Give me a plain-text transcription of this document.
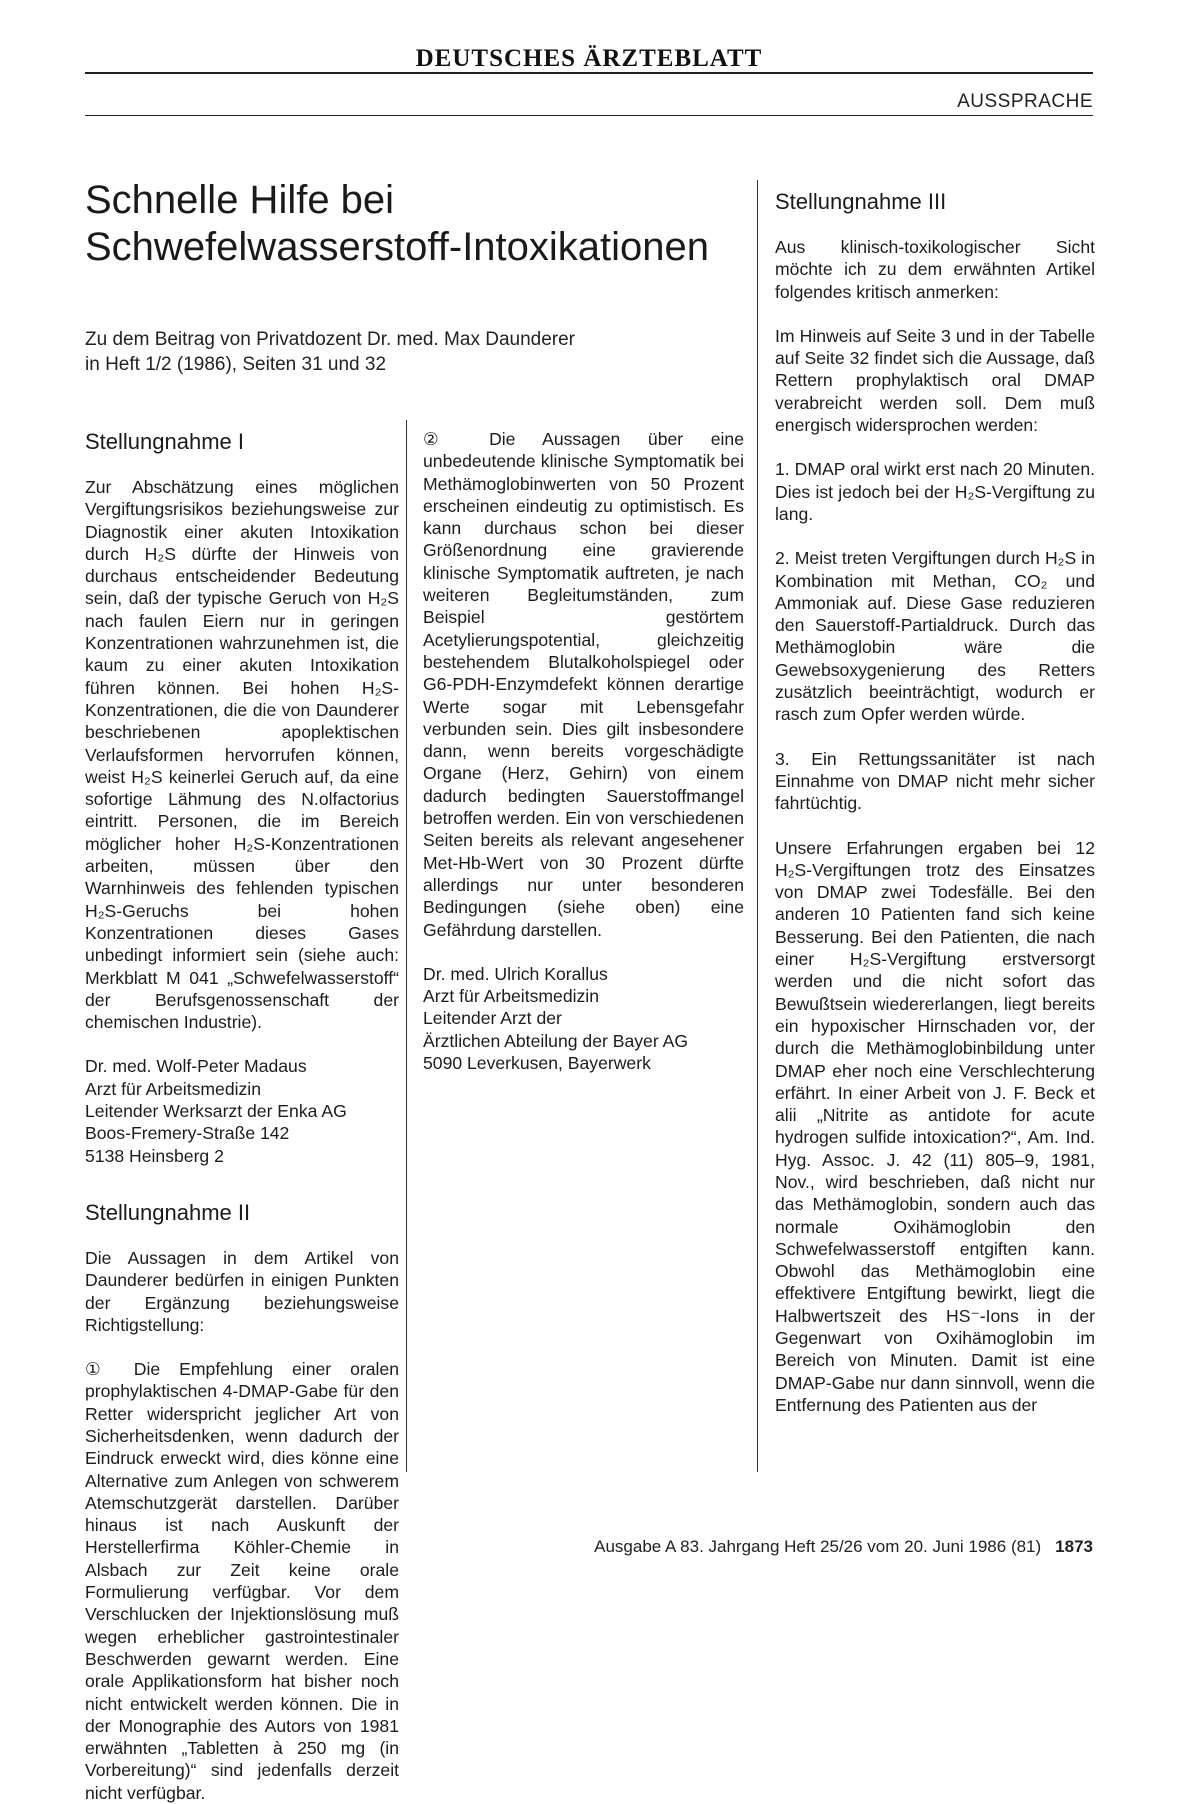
DEUTSCHES ÄRZTEBLATT
AUSSPRACHE
Schnelle Hilfe bei
Schwefelwasserstoff-Intoxikationen
Zu dem Beitrag von Privatdozent Dr. med. Max Daunderer
in Heft 1/2 (1986), Seiten 31 und 32
Stellungnahme I

Zur Abschätzung eines möglichen Vergiftungsrisikos beziehungsweise zur Diagnostik einer akuten Intoxikation durch H₂S dürfte der Hinweis von durchaus entscheidender Bedeutung sein, daß der typische Geruch von H₂S nach faulen Eiern nur in geringen Konzentrationen wahrzunehmen ist, die kaum zu einer akuten Intoxikation führen können. Bei hohen H₂S-Konzentrationen, die die von Daunderer beschriebenen apoplektischen Verlaufsformen hervorrufen können, weist H₂S keinerlei Geruch auf, da eine sofortige Lähmung des N.olfactorius eintritt. Personen, die im Bereich möglicher hoher H₂S-Konzentrationen arbeiten, müssen über den Warnhinweis des fehlenden typischen H₂S-Geruchs bei hohen Konzentrationen dieses Gases unbedingt informiert sein (siehe auch: Merkblatt M 041 „Schwefelwasserstoff“ der Berufsgenossenschaft der chemischen Industrie).

Dr. med. Wolf-Peter Madaus
Arzt für Arbeitsmedizin
Leitender Werksarzt der Enka AG
Boos-Fremery-Straße 142
5138 Heinsberg 2
Stellungnahme II

Die Aussagen in dem Artikel von Daunderer bedürfen in einigen Punkten der Ergänzung beziehungsweise Richtigstellung:

① Die Empfehlung einer oralen prophylaktischen 4-DMAP-Gabe für den Retter widerspricht jeglicher Art von Sicherheitsdenken, wenn dadurch der Eindruck erweckt wird, dies könne eine Alternative zum Anlegen von schwerem Atemschutzgerät darstellen. Darüber hinaus ist nach Auskunft der Herstellerfirma Köhler-Chemie in Alsbach zur Zeit keine orale Formulierung verfügbar. Vor dem Verschlucken der Injektionslösung muß wegen erheblicher gastrointestinaler Beschwerden gewarnt werden. Eine orale Applikationsform hat bisher noch nicht entwickelt werden können. Die in der Monographie des Autors von 1981 erwähnten „Tabletten à 250 mg (in Vorbereitung)“ sind jedenfalls derzeit nicht verfügbar.

② Die Aussagen über eine unbedeutende klinische Symptomatik bei Methämoglobinwerten von 50 Prozent erscheinen eindeutig zu optimistisch. Es kann durchaus schon bei dieser Größenordnung eine gravierende klinische Symptomatik auftreten, je nach weiteren Begleitumständen, zum Beispiel gestörtem Acetylierungspotential, gleichzeitig bestehendem Blutalkoholspiegel oder G6-PDH-Enzymdefekt können derartige Werte sogar mit Lebensgefahr verbunden sein. Dies gilt insbesondere dann, wenn bereits vorgeschädigte Organe (Herz, Gehirn) von einem dadurch bedingten Sauerstoffmangel betroffen werden. Ein von verschiedenen Seiten bereits als relevant angesehener Met-Hb-Wert von 30 Prozent dürfte allerdings nur unter besonderen Bedingungen (siehe oben) eine Gefährdung darstellen.

Dr. med. Ulrich Korallus
Arzt für Arbeitsmedizin
Leitender Arzt der
Ärztlichen Abteilung der Bayer AG
5090 Leverkusen, Bayerwerk
Stellungnahme III

Aus klinisch-toxikologischer Sicht möchte ich zu dem erwähnten Artikel folgendes kritisch anmerken:

Im Hinweis auf Seite 3 und in der Tabelle auf Seite 32 findet sich die Aussage, daß Rettern prophylaktisch oral DMAP verabreicht werden soll. Dem muß energisch widersprochen werden:

1. DMAP oral wirkt erst nach 20 Minuten. Dies ist jedoch bei der H₂S-Vergiftung zu lang.

2. Meist treten Vergiftungen durch H₂S in Kombination mit Methan, CO₂ und Ammoniak auf. Diese Gase reduzieren den Sauerstoff-Partialdruck. Durch das Methämoglobin wäre die Gewebsoxygenierung des Retters zusätzlich beeinträchtigt, wodurch er rasch zum Opfer werden würde.

3. Ein Rettungssanitäter ist nach Einnahme von DMAP nicht mehr sicher fahrtüchtig.

Unsere Erfahrungen ergaben bei 12 H₂S-Vergiftungen trotz des Einsatzes von DMAP zwei Todesfälle. Bei den anderen 10 Patienten fand sich keine Besserung. Bei den Patienten, die nach einer H₂S-Vergiftung erstversorgt werden und die nicht sofort das Bewußtsein wiedererlangen, liegt bereits ein hypoxischer Hirnschaden vor, der durch die Methämoglobinbildung unter DMAP eher noch eine Verschlechterung erfährt. In einer Arbeit von J. F. Beck et alii „Nitrite as antidote for acute hydrogen sulfide intoxication?“, Am. Ind. Hyg. Assoc. J. 42 (11) 805–9, 1981, Nov., wird beschrieben, daß nicht nur das Methämoglobin, sondern auch das normale Oxihämoglobin den Schwefelwasserstoff entgiften kann. Obwohl das Methämoglobin eine effektivere Entgiftung bewirkt, liegt die Halbwertszeit des HS⁻-Ions in der Gegenwart von Oxihämoglobin im Bereich von Minuten. Damit ist eine DMAP-Gabe nur dann sinnvoll, wenn die Entfernung des Patienten aus der

Ausgabe A 83. Jahrgang Heft 25/26 vom 20. Juni 1986 (81) 1873
